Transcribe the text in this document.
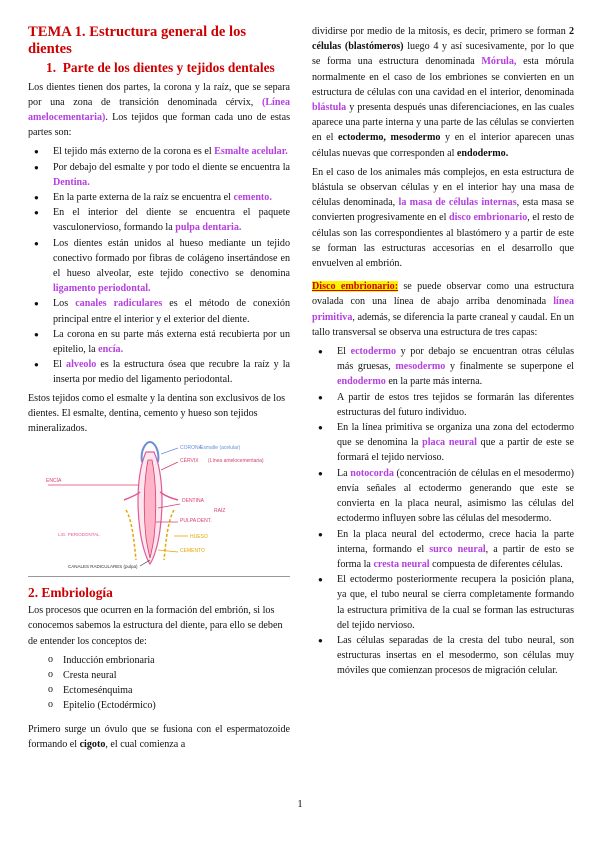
TEMA 1. Estructura general de los dientes
1. Parte de los dientes y tejidos dentales

Los dientes tienen dos partes, la corona y la raíz, que se separa por una zona de transición denominada cérvix, (Línea amelocementaria). Los tejidos que forman cada uno de estas partes son:

● El tejido más externo de la corona es el Esmalte acelular.
● Por debajo del esmalte y por todo el diente se encuentra la Dentina.
● En la parte externa de la raíz se encuentra el cemento.
● En el interior del diente se encuentra el paquete vasculonervioso, formando la pulpa dentaria.
● Los dientes están unidos al hueso mediante un tejido conectivo formado por fibras de colágeno insertándose en el hueso alveolar, este tejido conectivo se denomina ligamento periodontal.
● Los canales radiculares es el método de conexión principal entre el interior y el exterior del diente.
● La corona en su parte más externa está recubierta por un epitelio, la encía.
● El alveolo es la estructura ósea que recubre la raíz y la inserta por medio del ligamento periodontal.

Estos tejidos como el esmalte y la dentina son exclusivos de los dientes. El esmalte, dentina, cemento y hueso son tejidos mineralizados.

CORONA
Esmalte (acelular)
CÉRVIX (Línea amelocementaria)
ENCÍA
DENTINA
PULPA DENT.
HUESO
CEMENTO
RAÍZ
CANALES RADICULARES (pulpa)
LIG. PERIODONTAL
2. Embriología

Los procesos que ocurren en la formación del embrión, si los conocemos sabemos la estructura del diente, para ello se deben de entender los conceptos de:

o Inducción embrionaria
o Cresta neural
o Ectomesénquima
o Epitelio (Ectodérmico)

Primero surge un óvulo que se fusiona con el espermatozoide formando el cigoto, el cual comienza a

dividirse por medio de la mitosis, es decir, primero se forman 2 células (blastómeros) luego 4 y así sucesivamente, por lo que se forma una estructura denominada Mórula, esta mórula normalmente en el caso de los embriones se convierten en un estructura de células con una cavidad en el interior, denominada blástula y presenta después unas diferenciaciones, en las cuales aparece una parte interna y una parte de las células se convierten en el ectodermo, mesodermo y en el interior aparecen unas células nuevas que corresponden al endodermo.

En el caso de los animales más complejos, en esta estructura de blástula se observan células y en el interior hay una masa de células denominada, la masa de células internas, esta masa se convierten progresivamente en el disco embrionario, el resto de células son las correspondientes al blastómero y a partir de este se forman las estructuras accesorias en el desarrollo que envuelven al embrión.

Disco embrionario: se puede observar como una estructura ovalada con una línea de abajo arriba denominada línea primitiva, además, se diferencia la parte craneal y caudal. En un tallo transversal se observa una estructura de tres capas:

● El ectodermo y por debajo se encuentran otras células más gruesas, mesodermo y finalmente se superpone el endodermo en la parte más interna.
● A partir de estos tres tejidos se formarán las diferentes estructuras del futuro individuo.
● En la línea primitiva se organiza una zona del ectodermo que se denomina la placa neural que a partir de este se formará el tejido nervioso.
● La notocorda (concentración de células en el mesodermo) envía señales al ectodermo generando que este se convierta en la placa neural, asimismo las células del ectodermo influyen sobre las células del mesodermo.
● En la placa neural del ectodermo, crece hacia la parte interna, formando el surco neural, a partir de esto se forma la cresta neural compuesta de diferentes células.
● El ectodermo posteriormente recupera la posición plana, ya que, el tubo neural se cierra completamente formando la estructura primitiva de la cual se forman las estructuras del tejido nervioso.
● Las células separadas de la cresta del tubo neural, son estructuras insertas en el mesodermo, son células muy móviles que comienzan procesos de migración celular.
1
